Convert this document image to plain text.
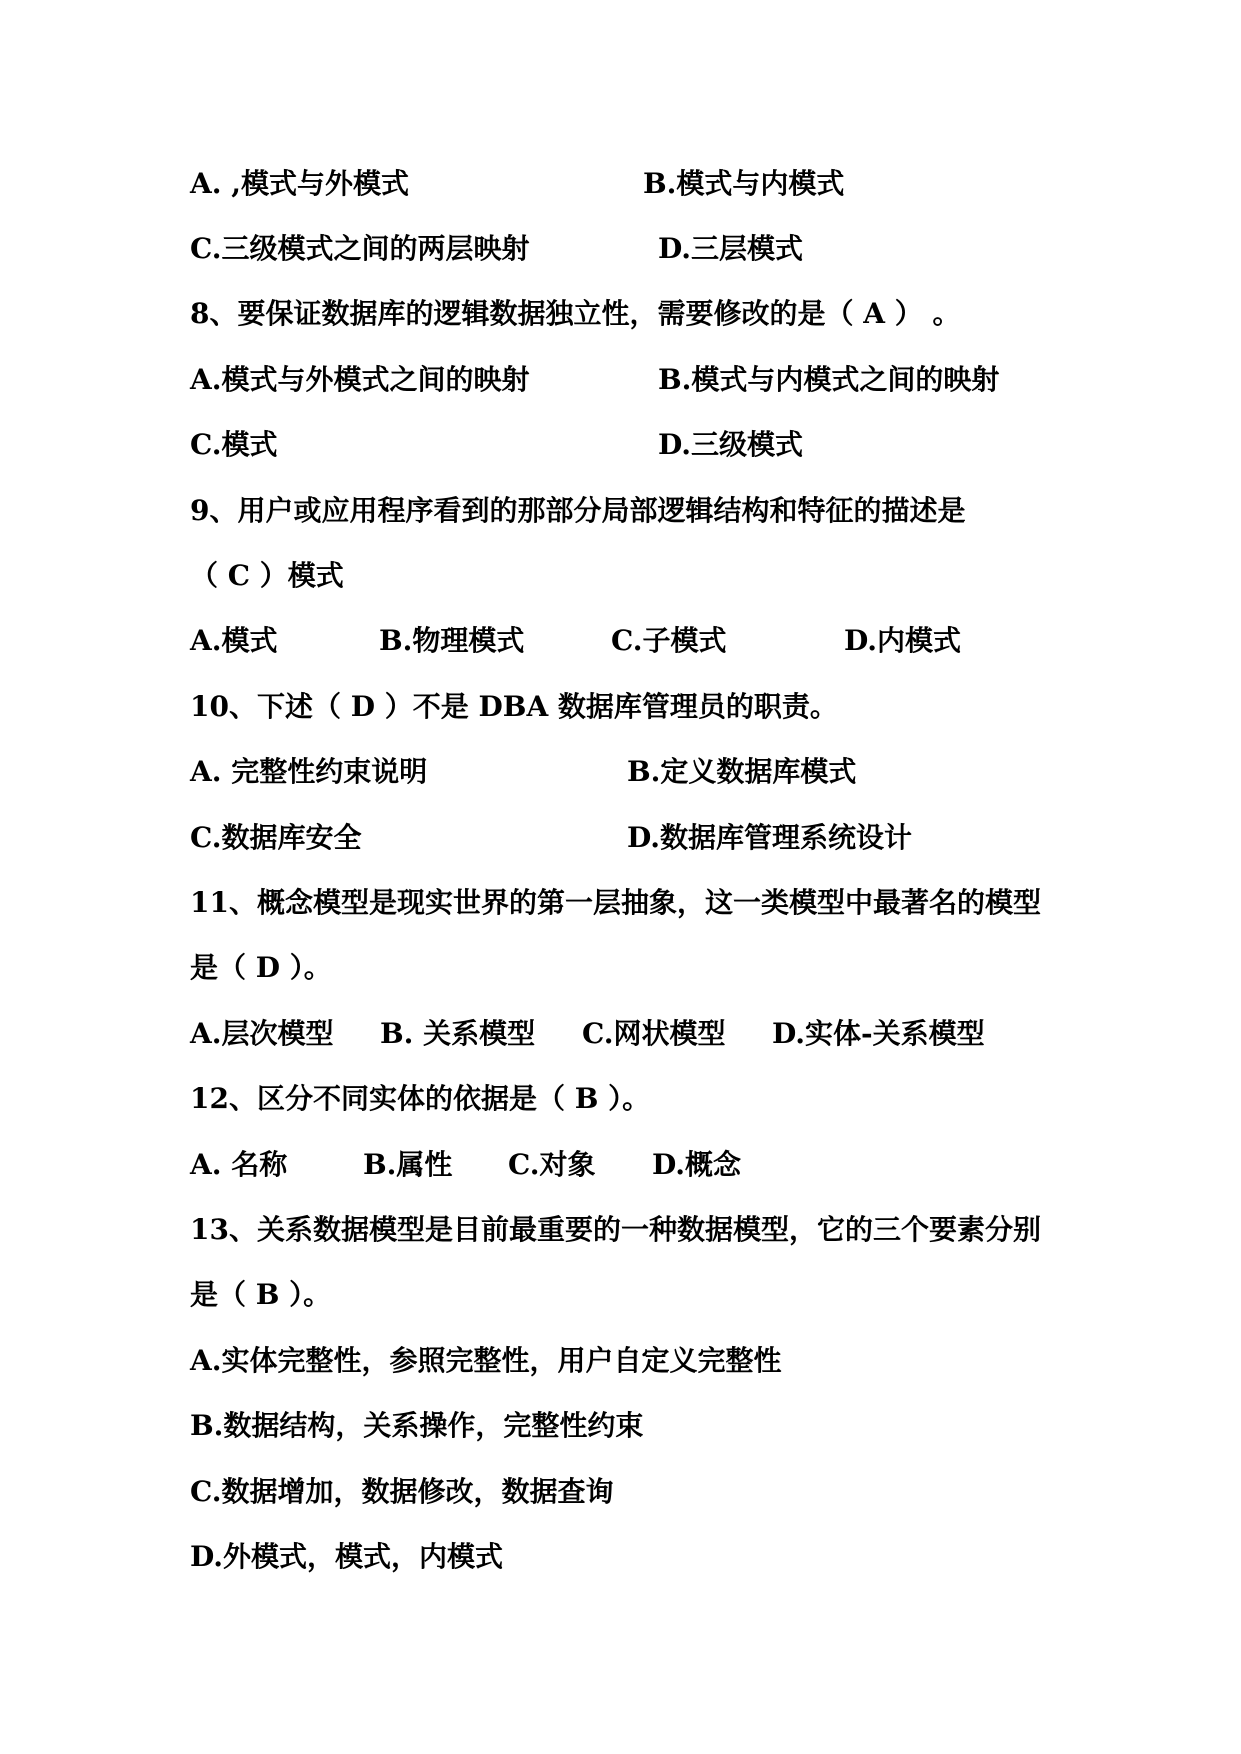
A. ,模式与外模式	B.模式与内模式
C.三级模式之间的两层映射	D.三层模式
8、要保证数据库的逻辑数据独立性，需要修改的是（ A ） 。
A.模式与外模式之间的映射	B.模式与内模式之间的映射
C.模式	D.三级模式
9、用户或应用程序看到的那部分局部逻辑结构和特征的描述是
（ C ）模式
A.模式	B.物理模式	C.子模式	D.内模式
10、下述（ D ）不是 DBA 数据库管理员的职责。
A. 完整性约束说明	B.定义数据库模式
C.数据库安全	D.数据库管理系统设计
11、概念模型是现实世界的第一层抽象，这一类模型中最著名的模型
是（ D ）。
A.层次模型 B. 关系模型 C.网状模型 D.实体-关系模型
12、区分不同实体的依据是（ B ）。
A. 名称	B.属性 C.对象 D.概念
13、关系数据模型是目前最重要的一种数据模型，它的三个要素分别
是（ B ）。
A.实体完整性，参照完整性，用户自定义完整性
B.数据结构，关系操作，完整性约束
C.数据增加，数据修改，数据查询
D.外模式，模式，内模式
